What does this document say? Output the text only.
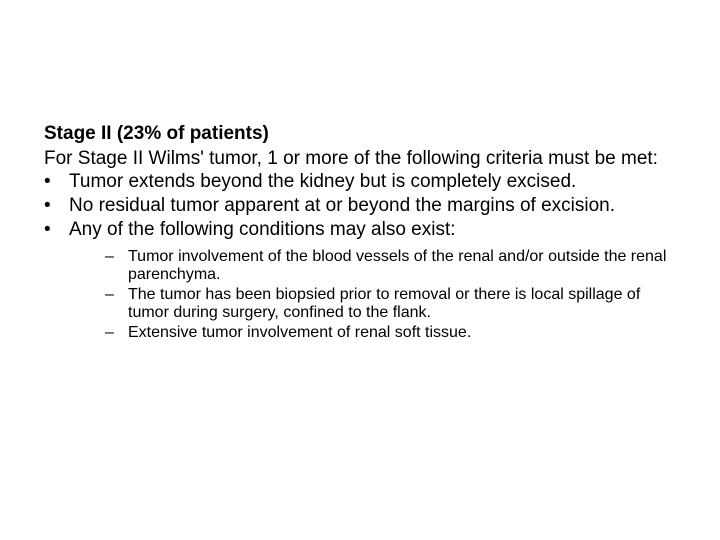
Stage II (23% of patients)

For Stage II Wilms' tumor, 1 or more of the following criteria must be met:

• Tumor extends beyond the kidney but is completely excised.
• No residual tumor apparent at or beyond the margins of excision.
• Any of the following conditions may also exist:
– Tumor involvement of the blood vessels of the renal and/or outside the renal parenchyma.
– The tumor has been biopsied prior to removal or there is local spillage of tumor during surgery, confined to the flank.
– Extensive tumor involvement of renal soft tissue.
